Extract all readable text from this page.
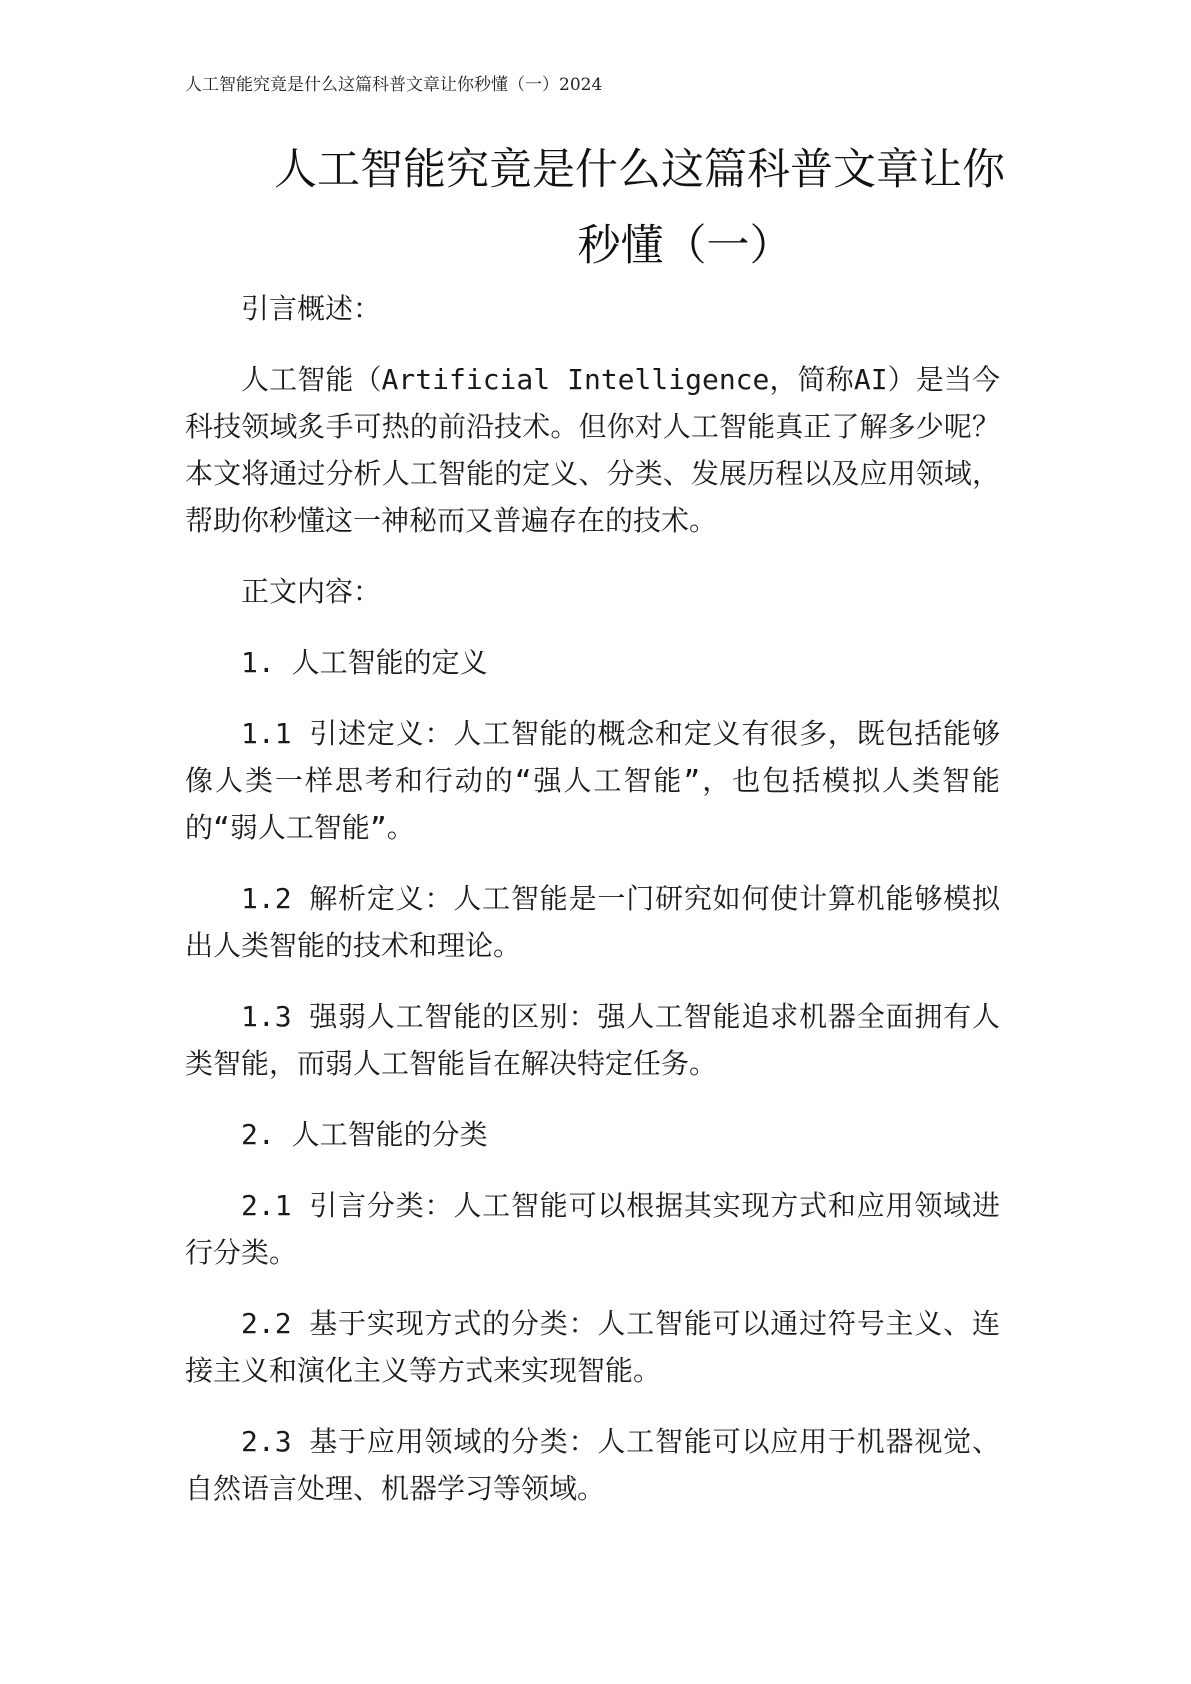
人工智能究竟是什么这篇科普文章让你秒懂（一）2024
人工智能究竟是什么这篇科普文章让你
秒懂（一）

引言概述：

人工智能（Artificial Intelligence，简称AI）是当今科技领域炙手可热的前沿技术。但你对人工智能真正了解多少呢？本文将通过分析人工智能的定义、分类、发展历程以及应用领域，帮助你秒懂这一神秘而又普遍存在的技术。

正文内容：

1. 人工智能的定义

1.1 引述定义：人工智能的概念和定义有很多，既包括能够像人类一样思考和行动的“强人工智能”，也包括模拟人类智能的“弱人工智能”。

1.2 解析定义：人工智能是一门研究如何使计算机能够模拟出人类智能的技术和理论。

1.3 强弱人工智能的区别：强人工智能追求机器全面拥有人类智能，而弱人工智能旨在解决特定任务。

2. 人工智能的分类

2.1 引言分类：人工智能可以根据其实现方式和应用领域进行分类。

2.2 基于实现方式的分类：人工智能可以通过符号主义、连接主义和演化主义等方式来实现智能。

2.3 基于应用领域的分类：人工智能可以应用于机器视觉、自然语言处理、机器学习等领域。
